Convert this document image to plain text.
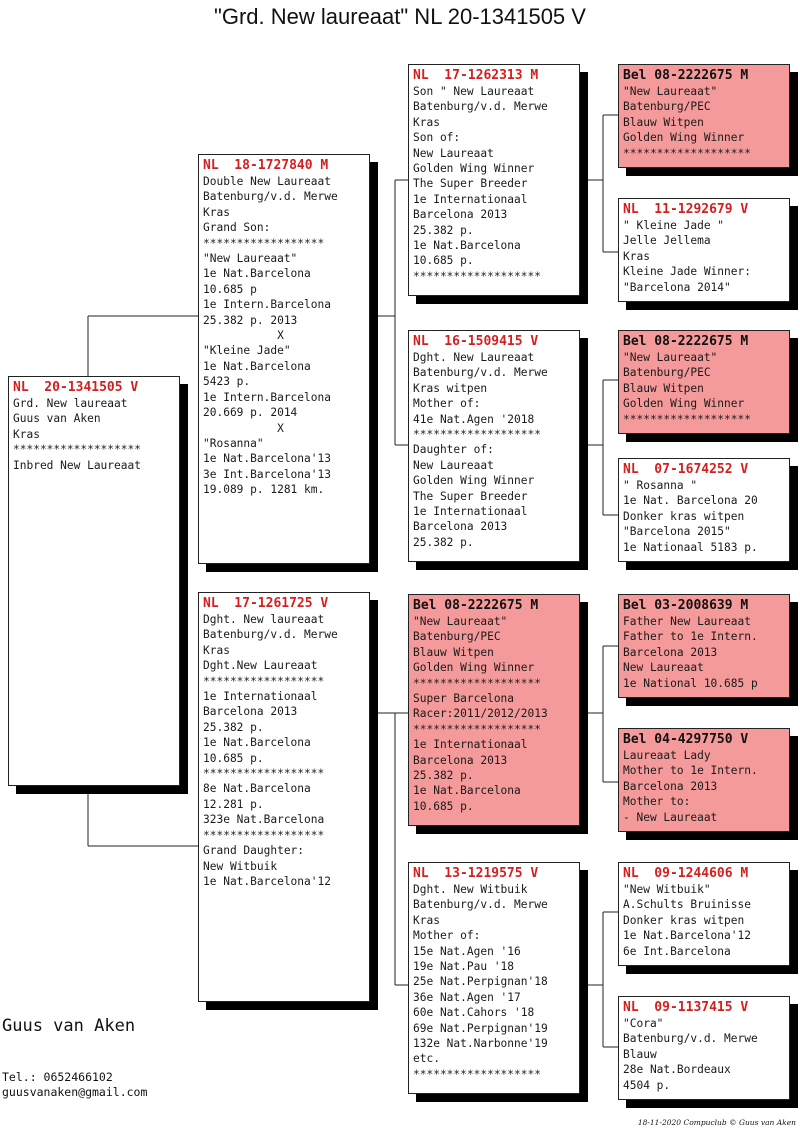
"Grd. New laureaat" NL 20-1341505 V
NL  20-1341505 V
Grd. New laureaat
Guus van Aken
Kras
*******************
Inbred New Laureaat
NL  18-1727840 M
Double New Laureaat
Batenburg/v.d. Merwe
Kras
Grand Son:
******************
"New Laureaat"
1e Nat.Barcelona
10.685 p
1e Intern.Barcelona
25.382 p. 2013
X
"Kleine Jade"
1e Nat.Barcelona
5423 p.
1e Intern.Barcelona
20.669 p. 2014
X
"Rosanna"
1e Nat.Barcelona'13
3e Int.Barcelona'13
19.089 p. 1281 km.
NL  17-1261725 V
Dght. New laureaat
Batenburg/v.d. Merwe
Kras
Dght.New Laureaat
******************
1e Internationaal
Barcelona 2013
25.382 p.
1e Nat.Barcelona
10.685 p.
******************
8e Nat.Barcelona
12.281 p.
323e Nat.Barcelona
******************
Grand Daughter:
New Witbuik
1e Nat.Barcelona'12
NL  17-1262313 M
Son " New Laureaat
Batenburg/v.d. Merwe
Kras
Son of:
New Laureaat
Golden Wing Winner
The Super Breeder
1e Internationaal
Barcelona 2013
25.382 p.
1e Nat.Barcelona
10.685 p.
*******************
NL  16-1509415 V
Dght. New Laureaat
Batenburg/v.d. Merwe
Kras witpen
Mother of:
41e Nat.Agen '2018
*******************
Daughter of:
New Laureaat
Golden Wing Winner
The Super Breeder
1e Internationaal
Barcelona 2013
25.382 p.
Bel 08-2222675 M
"New Laureaat"
Batenburg/PEC
Blauw Witpen
Golden Wing Winner
*******************
Super Barcelona
Racer:2011/2012/2013
*******************
1e Internationaal
Barcelona 2013
25.382 p.
1e Nat.Barcelona
10.685 p.
NL  13-1219575 V
Dght. New Witbuik
Batenburg/v.d. Merwe
Kras
Mother of:
15e Nat.Agen '16
19e Nat.Pau '18
25e Nat.Perpignan'18
36e Nat.Agen '17
60e Nat.Cahors '18
69e Nat.Perpignan'19
132e Nat.Narbonne'19
etc.
*******************
Bel 08-2222675 M
"New Laureaat"
Batenburg/PEC
Blauw Witpen
Golden Wing Winner
*******************
NL  11-1292679 V
" Kleine Jade "
Jelle Jellema
Kras
Kleine Jade Winner:
"Barcelona 2014"
Bel 08-2222675 M
"New Laureaat"
Batenburg/PEC
Blauw Witpen
Golden Wing Winner
*******************
NL  07-1674252 V
" Rosanna "
1e Nat. Barcelona 20
Donker kras witpen
"Barcelona 2015"
1e Nationaal 5183 p.
Bel 03-2008639 M
Father New Laureaat
Father to 1e Intern.
Barcelona 2013
New Laureaat
1e National 10.685 p
Bel 04-4297750 V
Laureaat Lady
Mother to 1e Intern.
Barcelona 2013
Mother to:
- New Laureaat
NL  09-1244606 M
"New Witbuik"
A.Schults Bruinisse
Donker kras witpen
1e Nat.Barcelona'12
6e Int.Barcelona
NL  09-1137415 V
"Cora"
Batenburg/v.d. Merwe
Blauw
28e Nat.Bordeaux
4504 p.
Guus van Aken
Tel.: 0652466102
guusvanaken@gmail.com
18-11-2020 Compuclub © Guus van Aken
